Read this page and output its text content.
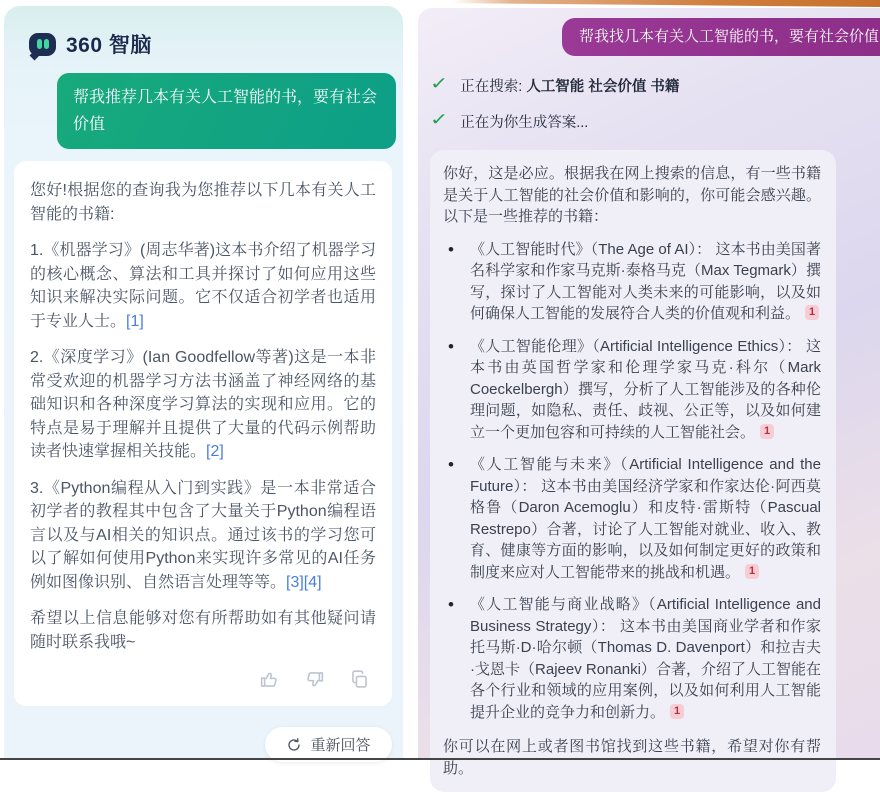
360 智脑
帮我推荐几本有关人工智能的书，要有社会价值

您好!根据您的查询我为您推荐以下几本有关人工智能的书籍:

1.《机器学习》(周志华著)这本书介绍了机器学习的核心概念、算法和工具并探讨了如何应用这些知识来解决实际问题。它不仅适合初学者也适用于专业人士。[1]

2.《深度学习》(Ian Goodfellow等著)这是一本非常受欢迎的机器学习方法书涵盖了神经网络的基础知识和各种深度学习算法的实现和应用。它的特点是易于理解并且提供了大量的代码示例帮助读者快速掌握相关技能。[2]

3.《Python编程从入门到实践》是一本非常适合初学者的教程其中包含了大量关于Python编程语言以及与AI相关的知识点。通过该书的学习您可以了解如何使用Python来实现许多常见的AI任务例如图像识别、自然语言处理等等。[3][4]

希望以上信息能够对您有所帮助如有其他疑问请随时联系我哦~

重新回答
帮我找几本有关人工智能的书，要有社会价值
✓ 正在搜索: 人工智能 社会价值 书籍
✓ 正在为你生成答案...

你好，这是必应。根据我在网上搜索的信息，有一些书籍是关于人工智能的社会价值和影响的，你可能会感兴趣。以下是一些推荐的书籍：

•	《人工智能时代》（The Age of AI）： 这本书由美国著名科学家和作家马克斯·泰格马克（Max Tegmark）撰写，探讨了人工智能对人类未来的可能影响，以及如何确保人工智能的发展符合人类的价值观和利益。 $^1$
•	《人工智能伦理》（Artificial Intelligence Ethics）： 这本书由英国哲学家和伦理学家马克·科尔（Mark Coeckelbergh）撰写，分析了人工智能涉及的各种伦理问题，如隐私、责任、歧视、公正等，以及如何建立一个更加包容和可持续的人工智能社会。 $^1$
•	《人工智能与未来》（Artificial Intelligence and the Future）： 这本书由美国经济学家和作家达伦·阿西莫格鲁（Daron Acemoglu）和皮特·雷斯特（Pascual Restrepo）合著，讨论了人工智能对就业、收入、教育、健康等方面的影响，以及如何制定更好的政策和制度来应对人工智能带来的挑战和机遇。 $^1$
•	《人工智能与商业战略》（Artificial Intelligence and Business Strategy）： 这本书由美国商业学者和作家托马斯·D·哈尔顿（Thomas D. Davenport）和拉吉夫·戈恩卡（Rajeev Ronanki）合著，介绍了人工智能在各个行业和领域的应用案例，以及如何利用人工智能提升企业的竞争力和创新力。 $^1$

你可以在网上或者图书馆找到这些书籍，希望对你有帮助。
